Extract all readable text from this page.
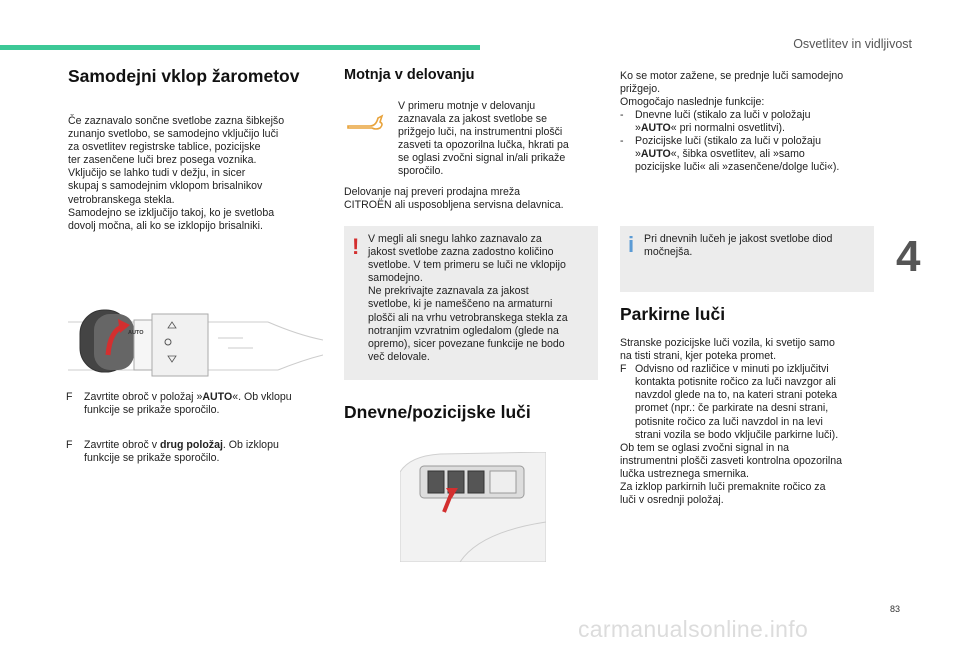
Osvetlitev in vidljivost
Samodejni vklop žarometov
Če zaznavalo sončne svetlobe zazna šibkejšo
zunanjo svetlobo, se samodejno vključijo luči
za osvetlitev registrske tablice, pozicijske
ter zasenčene luči brez posega voznika.
Vključijo se lahko tudi v dežju, in sicer
skupaj s samodejnim vklopom brisalnikov
vetrobranskega stekla.
Samodejno se izključijo takoj, ko je svetloba
dovolj močna, ali ko se izklopijo brisalniki.
AUTO
F Zavrtite obroč v položaj »AUTO«. Ob vklopu
funkcije se prikaže sporočilo.
F Zavrtite obroč v drug položaj. Ob izklopu
funkcije se prikaže sporočilo.
Motnja v delovanju
V primeru motnje v delovanju
zaznavala za jakost svetlobe se
prižgejo luči, na instrumentni plošči
zasveti ta opozorilna lučka, hkrati pa
se oglasi zvočni signal in/ali prikaže
sporočilo.
Delovanje naj preveri prodajna mreža
CITROËN ali usposobljena servisna delavnica.
! V megli ali snegu lahko zaznavalo za
jakost svetlobe zazna zadostno količino
svetlobe. V tem primeru se luči ne vklopijo
samodejno.
Ne prekrivajte zaznavala za jakost
svetlobe, ki je nameščeno na armaturni
plošči ali na vrhu vetrobranskega stekla za
notranjim vzvratnim ogledalom (glede na
opremo), sicer povezane funkcije ne bodo
več delovale.
Dnevne/pozicijske luči
Ko se motor zažene, se prednje luči samodejno
prižgejo.
Omogočajo naslednje funkcije:
- Dnevne luči (stikalo za luči v položaju
»AUTO« pri normalni osvetlitvi).
- Pozicijske luči (stikalo za luči v položaju
»AUTO«, šibka osvetlitev, ali »samo
pozicijske luči« ali »zasenčene/dolge luči«).
i Pri dnevnih lučeh je jakost svetlobe diod
močnejša.
Parkirne luči
Stranske pozicijske luči vozila, ki svetijo samo
na tisti strani, kjer poteka promet.
F Odvisno od različice v minuti po izključitvi
kontakta potisnite ročico za luči navzgor ali
navzdol glede na to, na kateri strani poteka
promet (npr.: če parkirate na desni strani,
potisnite ročico za luči navzdol in na levi
strani vozila se bodo vključile parkirne luči).
Ob tem se oglasi zvočni signal in na
instrumentni plošči zasveti kontrolna opozorilna
lučka ustreznega smernika.
Za izklop parkirnih luči premaknite ročico za
luči v osrednji položaj.
4
83
carmanualsonline.info
